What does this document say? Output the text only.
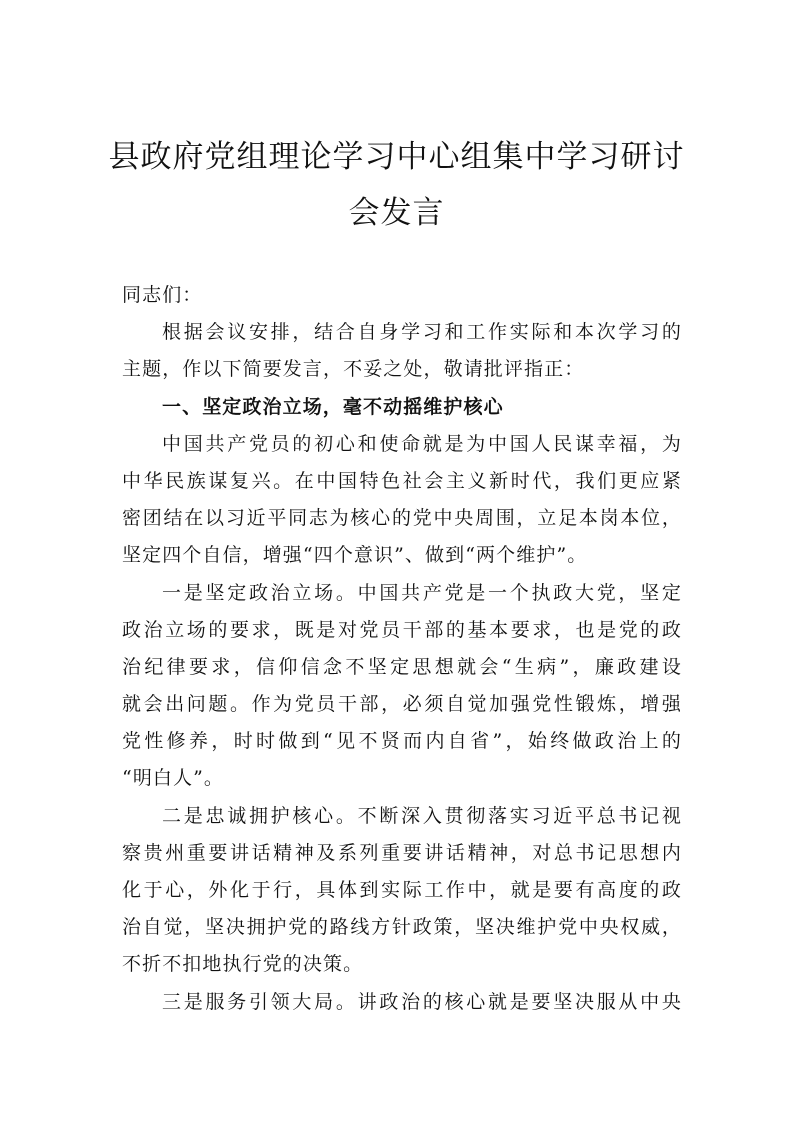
县政府党组理论学习中心组集中学习研讨
会发言
同志们：
根据会议安排，结合自身学习和工作实际和本次学习的
主题，作以下简要发言，不妥之处，敬请批评指正：
一、坚定政治立场，毫不动摇维护核心
中国共产党员的初心和使命就是为中国人民谋幸福，为
中华民族谋复兴。在中国特色社会主义新时代，我们更应紧
密团结在以习近平同志为核心的党中央周围，立足本岗本位，
坚定四个自信，增强“四个意识”、做到“两个维护”。
一是坚定政治立场。中国共产党是一个执政大党，坚定
政治立场的要求，既是对党员干部的基本要求，也是党的政
治纪律要求，信仰信念不坚定思想就会“生病”，廉政建设
就会出问题。作为党员干部，必须自觉加强党性锻炼，增强
党性修养，时时做到“见不贤而内自省”，始终做政治上的
“明白人”。
二是忠诚拥护核心。不断深入贯彻落实习近平总书记视
察贵州重要讲话精神及系列重要讲话精神，对总书记思想内
化于心，外化于行，具体到实际工作中，就是要有高度的政
治自觉，坚决拥护党的路线方针政策，坚决维护党中央权威，
不折不扣地执行党的决策。
三是服务引领大局。讲政治的核心就是要坚决服从中央
